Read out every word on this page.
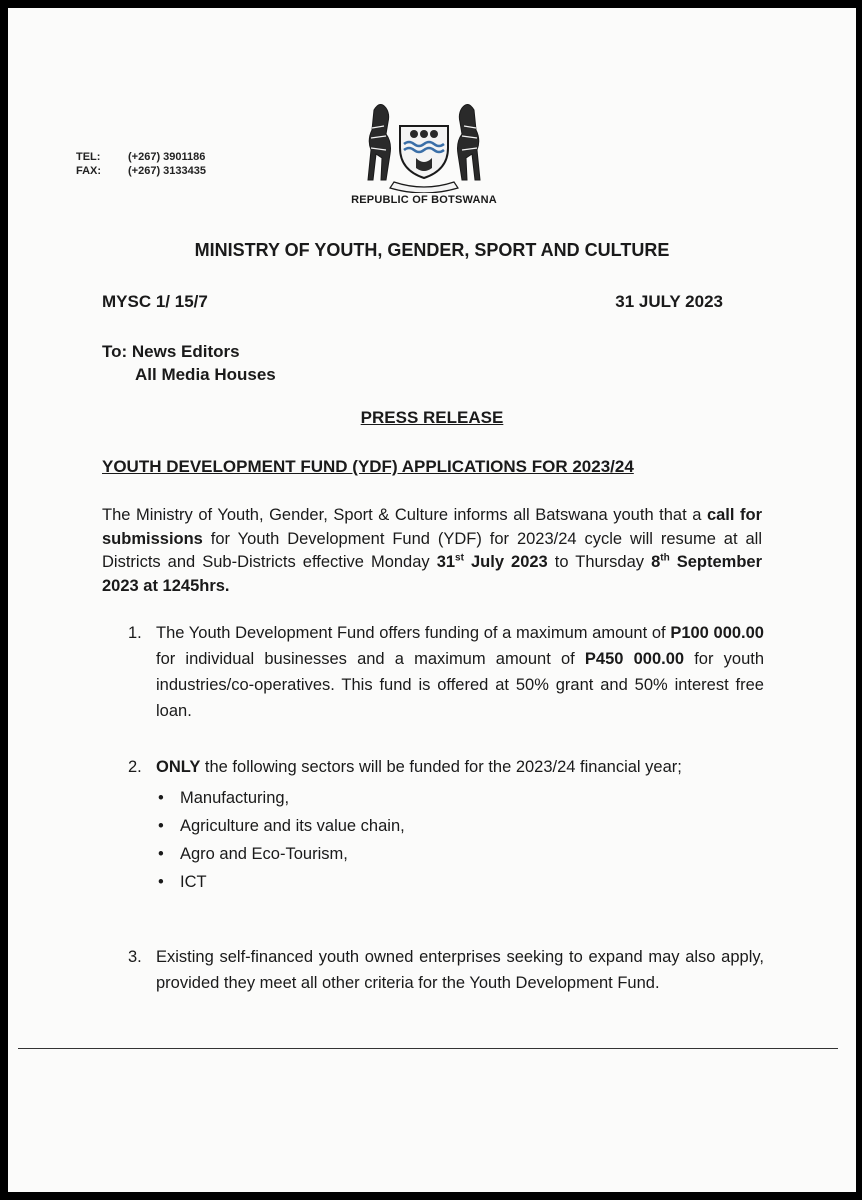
TEL:	(+267) 3901186
FAX:	(+267) 3133435
REPUBLIC OF BOTSWANA
MINISTRY OF YOUTH, GENDER, SPORT AND CULTURE
MYSC 1/ 15/7	31 JULY 2023
To: News Editors
All Media Houses
PRESS RELEASE
YOUTH DEVELOPMENT FUND (YDF) APPLICATIONS FOR 2023/24
The Ministry of Youth, Gender, Sport & Culture informs all Batswana youth that a call for submissions for Youth Development Fund (YDF) for 2023/24 cycle will resume at all Districts and Sub-Districts effective Monday 31st July 2023 to Thursday 8th September 2023 at 1245hrs.
1. The Youth Development Fund offers funding of a maximum amount of P100 000.00 for individual businesses and a maximum amount of P450 000.00 for youth industries/co-operatives. This fund is offered at 50% grant and 50% interest free loan.
2. ONLY the following sectors will be funded for the 2023/24 financial year;
• Manufacturing,
• Agriculture and its value chain,
• Agro and Eco-Tourism,
• ICT
3. Existing self-financed youth owned enterprises seeking to expand may also apply, provided they meet all other criteria for the Youth Development Fund.
